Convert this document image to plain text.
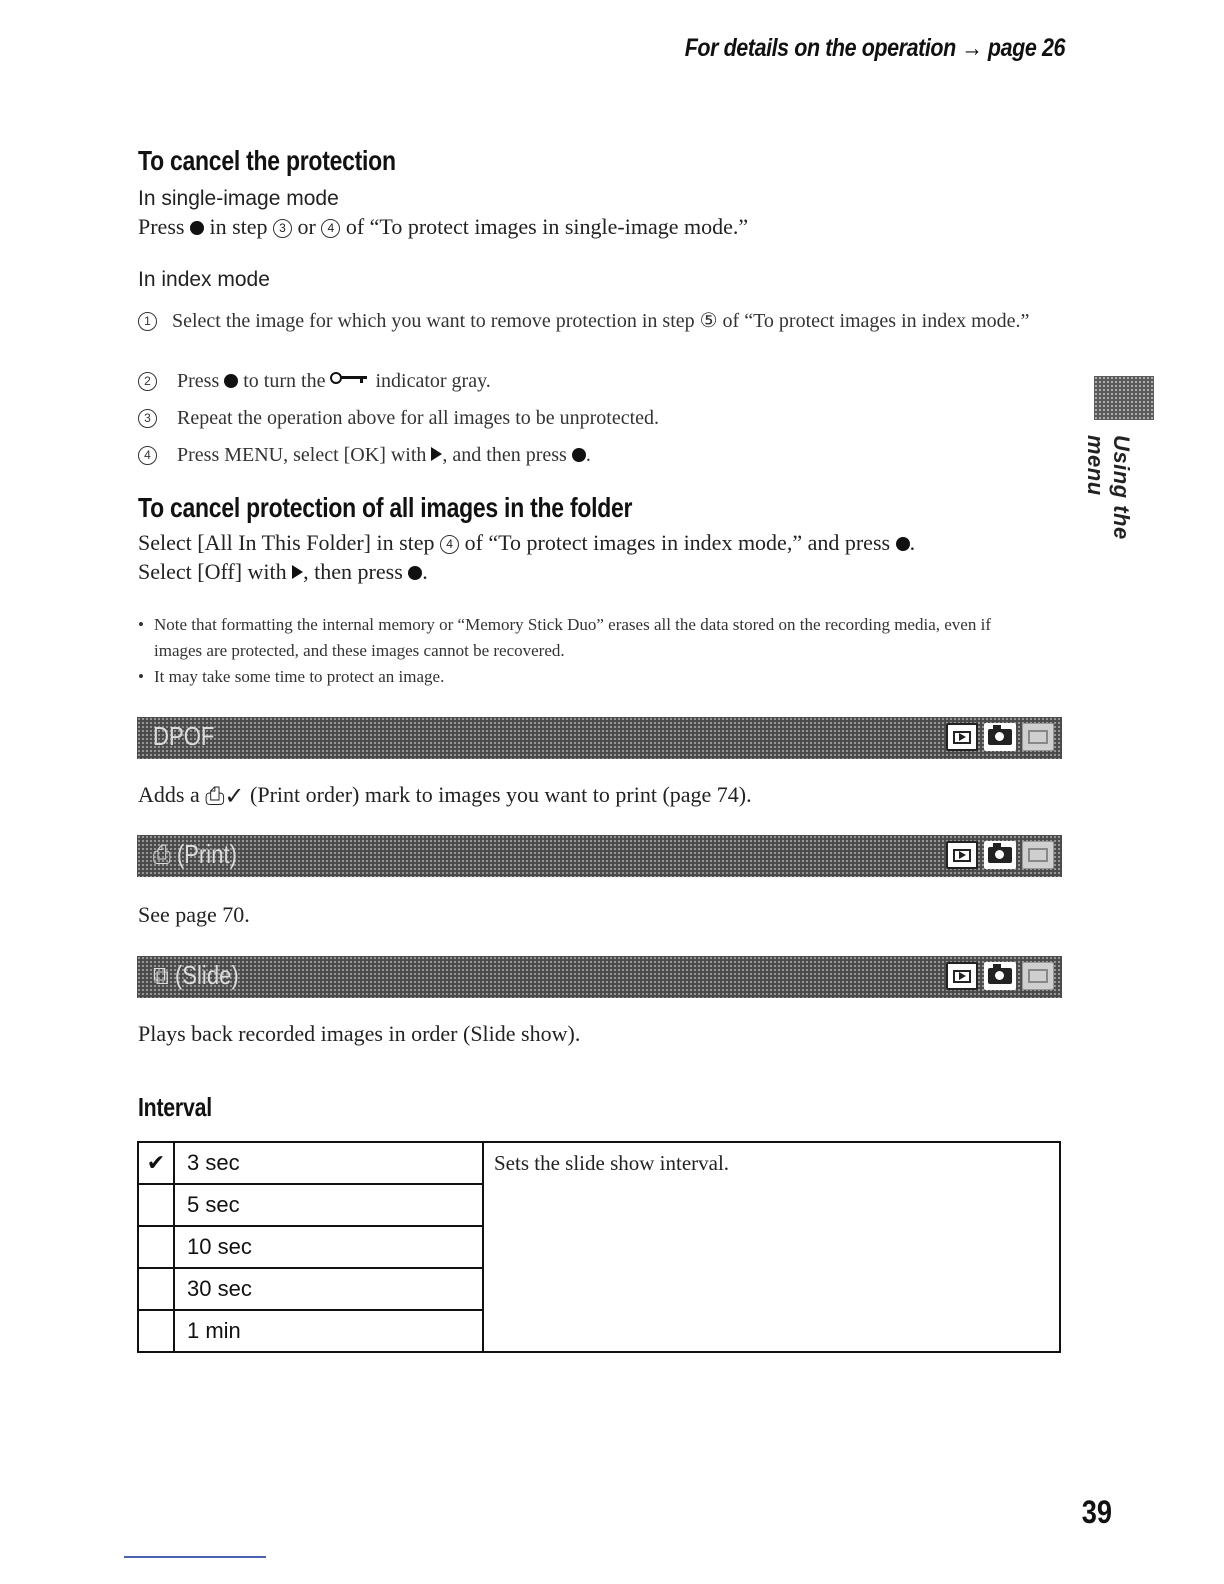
For details on the operation → page 26
To cancel the protection
In single-image mode
Press in step 3 or 4 of “To protect images in single-image mode.”
In index mode
1	Select the image for which you want to remove protection in step ⑤ of “To protect images in index mode.”
2 Press to turn the	indicator gray.
3 Repeat the operation above for all images to be unprotected.
4 Press MENU, select [OK] with , and then press .
To cancel protection of all images in the folder
Select [All In This Folder] in step 4 of “To protect images in index mode,” and press .
Select [Off] with , then press .
• Note that formatting the internal memory or “Memory Stick Duo” erases all the data stored on the recording media, even if images are protected, and these images cannot be recovered.
• It may take some time to protect an image.
DPOF
Adds a ⎙✓ (Print order) mark to images you want to print (page 74).
⎙ (Print)
See page 70.
⧉ (Slide)
Plays back recorded images in order (Slide show).
Interval
✔	3 sec	Sets the slide show interval.
	5 sec	
	10 sec	
	30 sec	
	1 min	
Using the menu
39
